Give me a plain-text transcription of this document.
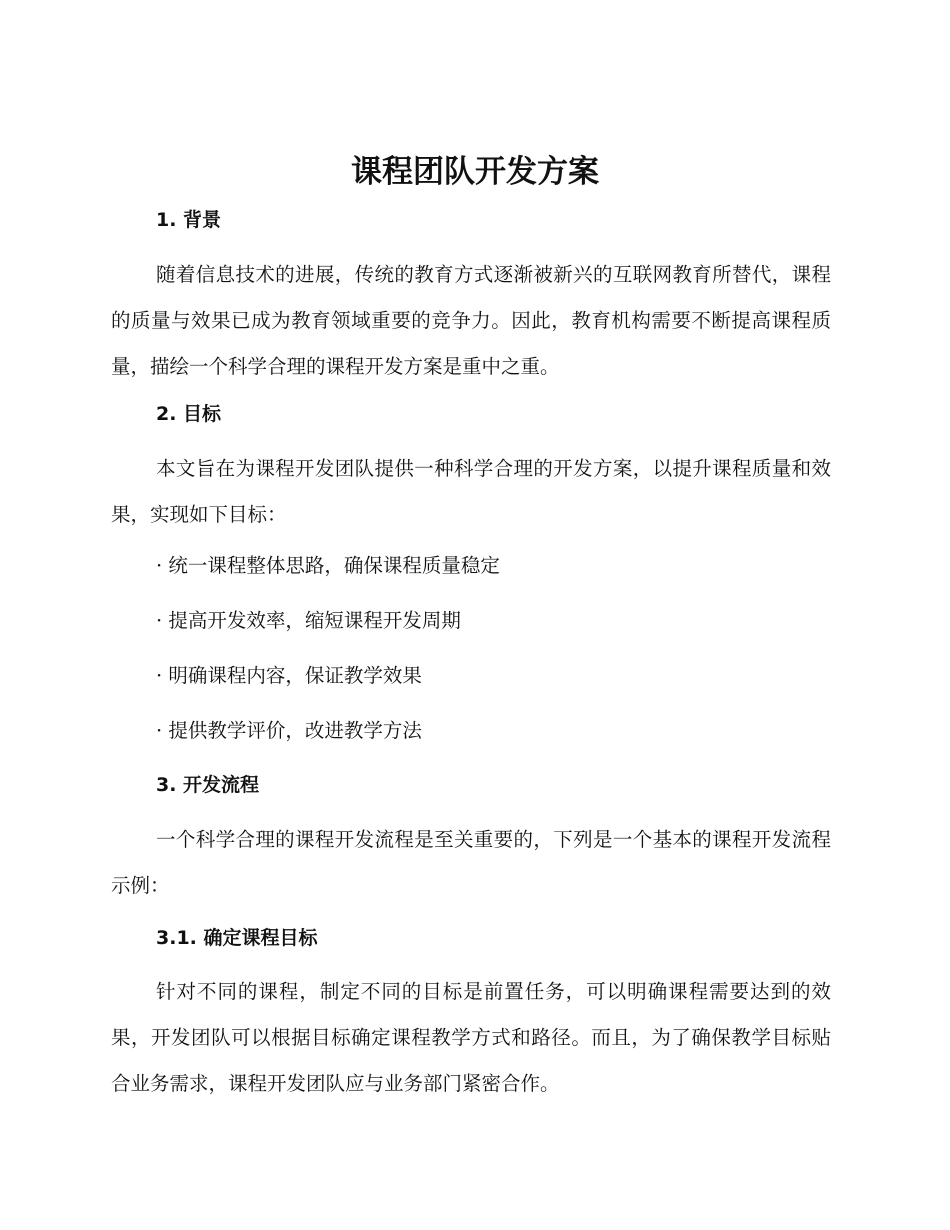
课程团队开发方案
1. 背景

随着信息技术的进展，传统的教育方式逐渐被新兴的互联网教育所替代，课程的质量与效果已成为教育领域重要的竞争力。因此，教育机构需要不断提高课程质量，描绘一个科学合理的课程开发方案是重中之重。

2. 目标

本文旨在为课程开发团队提供一种科学合理的开发方案，以提升课程质量和效果，实现如下目标：

· 统一课程整体思路，确保课程质量稳定

· 提高开发效率，缩短课程开发周期

· 明确课程内容，保证教学效果

· 提供教学评价，改进教学方法

3. 开发流程

一个科学合理的课程开发流程是至关重要的，下列是一个基本的课程开发流程示例：

3.1. 确定课程目标

针对不同的课程，制定不同的目标是前置任务，可以明确课程需要达到的效果，开发团队可以根据目标确定课程教学方式和路径。而且，为了确保教学目标贴合业务需求，课程开发团队应与业务部门紧密合作。
